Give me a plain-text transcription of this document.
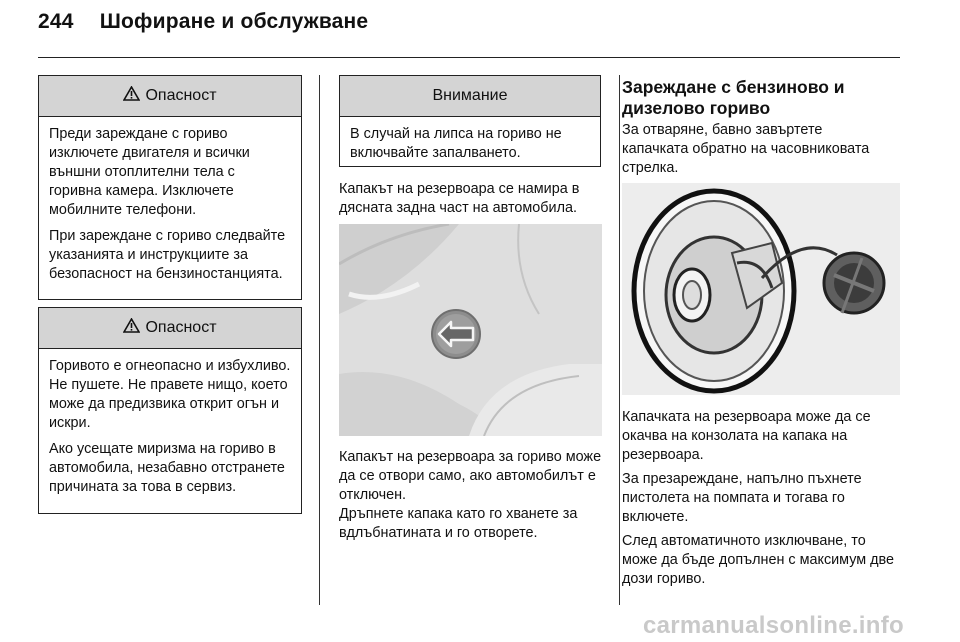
244 Шофиране и обслужване
Опасност

Преди зареждане с гориво изключете двигателя и всички външни отоплителни тела с горивна камера. Изключете мобилните телефони.

При зареждане с гориво следвайте указанията и инструкциите за безопасност на бензиностанцията.

Опасност

Горивото е огнеопасно и избухливо. Не пушете. Не правете нищо, което може да предизвика открит огън и искри.

Ако усещате миризма на гориво в автомобила, незабавно отстранете причината за това в сервиз.

Внимание

В случай на липса на гориво не включвайте запалването.

Капакът на резервоара се намира в дясната задна част на автомобила.

Капакът на резервоара за гориво може да се отвори само, ако автомобилът е отключен.

Дръпнете капака като го хванете за вдлъбнатината и го отворете.

Зареждане с бензиново и дизелово гориво

За отваряне, бавно завъртете капачката обратно на часовниковата стрелка.

Капачката на резервоара може да се окачва на конзолата на капака на резервоара.

За презареждане, напълно пъхнете пистолета на помпата и тогава го включете.

След автоматичното изключване, то може да бъде допълнен с максимум две дози гориво.

carmanualsonline.info
